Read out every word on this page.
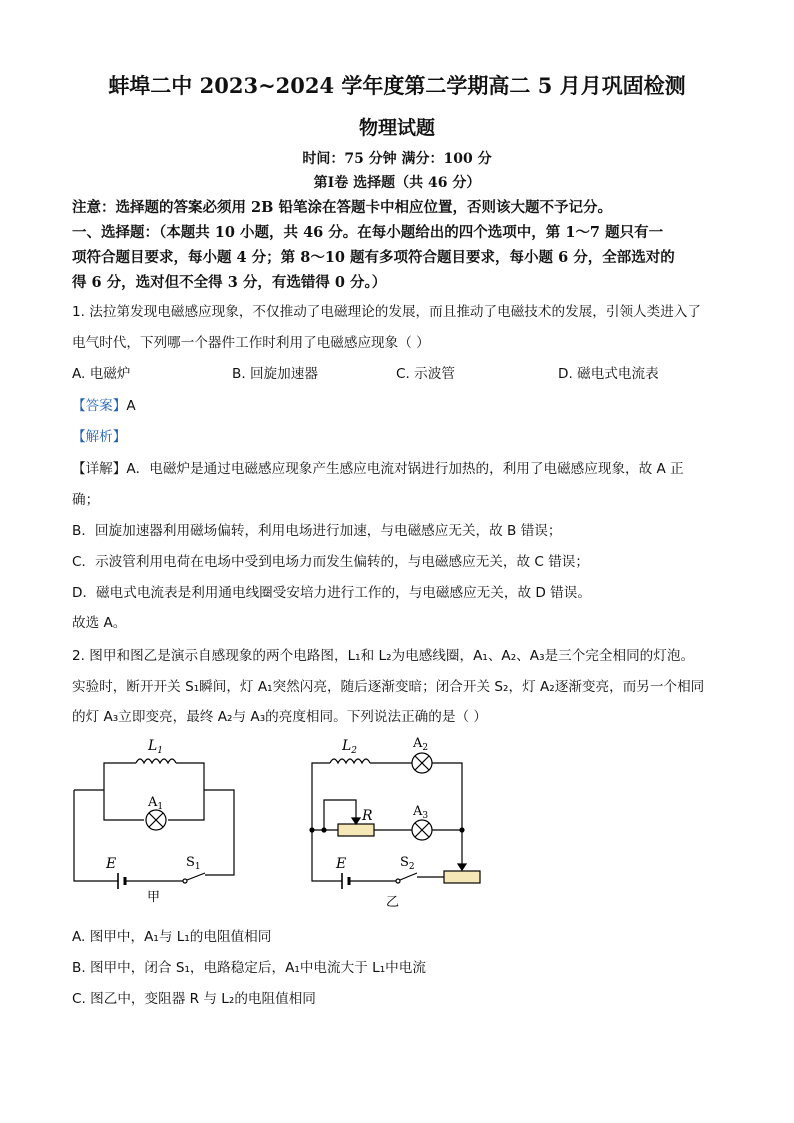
蚌埠二中 2023~2024 学年度第二学期高二 5 月月巩固检测
物理试题
时间：75 分钟 满分：100 分
第Ⅰ卷 选择题（共 46 分）
注意：选择题的答案必须用 2B 铅笔涂在答题卡中相应位置，否则该大题不予记分。
一、选择题：（本题共 10 小题，共 46 分。在每小题给出的四个选项中，第 1～7 题只有一
项符合题目要求，每小题 4 分；第 8～10 题有多项符合题目要求，每小题 6 分，全部选对的
得 6 分，选对但不全得 3 分，有选错得 0 分。）
1. 法拉第发现电磁感应现象，不仅推动了电磁理论的发展，而且推动了电磁技术的发展，引领人类进入了
电气时代，下列哪一个器件工作时利用了电磁感应现象（ ）
A. 电磁炉	B. 回旋加速器	C. 示波管	D. 磁电式电流表
【答案】A
【解析】
【详解】A．电磁炉是通过电磁感应现象产生感应电流对锅进行加热的，利用了电磁感应现象，故 A 正
确；
B．回旋加速器利用磁场偏转，利用电场进行加速，与电磁感应无关，故 B 错误；
C．示波管利用电荷在电场中受到电场力而发生偏转的，与电磁感应无关，故 C 错误；
D．磁电式电流表是利用通电线圈受安培力进行工作的，与电磁感应无关，故 D 错误。
故选 A。
2. 图甲和图乙是演示自感现象的两个电路图，L₁和 L₂为电感线圈，A₁、A₂、A₃是三个完全相同的灯泡。
实验时，断开开关 S₁瞬间，灯 A₁突然闪亮，随后逐渐变暗；闭合开关 S₂，灯 A₂逐渐变亮，而另一个相同
的灯 A₃立即变亮，最终 A₂与 A₃的亮度相同。下列说法正确的是（ ）
$L_1$
$A_1$
E	$S_1$
甲
$L_2$	$A_2$
$A_3$
R
E	$S_2$
乙
A. 图甲中，A₁与 L₁的电阻值相同
B. 图甲中，闭合 S₁，电路稳定后，A₁中电流大于 L₁中电流
C. 图乙中，变阻器 R 与 L₂的电阻值相同
